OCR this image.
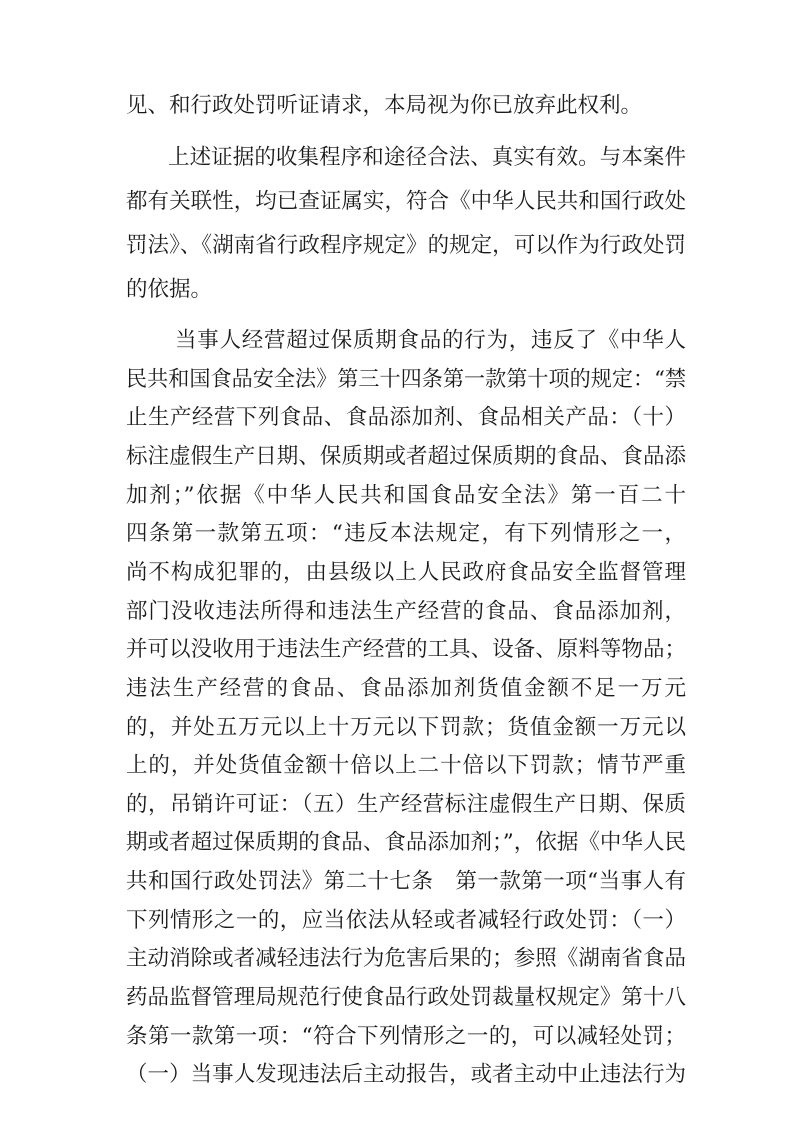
见、和行政处罚听证请求，本局视为你已放弃此权利。
上述证据的收集程序和途径合法、真实有效。与本案件
都有关联性，均已查证属实，符合《中华人民共和国行政处
罚法》、《湖南省行政程序规定》的规定，可以作为行政处罚
的依据。
当事人经营超过保质期食品的行为，违反了《中华人
民共和国食品安全法》第三十四条第一款第十项的规定：“禁
止生产经营下列食品、食品添加剂、食品相关产品：（十）
标注虚假生产日期、保质期或者超过保质期的食品、食品添
加剂；”依据《中华人民共和国食品安全法》第一百二十
四条第一款第五项：“违反本法规定，有下列情形之一，
尚不构成犯罪的，由县级以上人民政府食品安全监督管理
部门没收违法所得和违法生产经营的食品、食品添加剂，
并可以没收用于违法生产经营的工具、设备、原料等物品；
违法生产经营的食品、食品添加剂货值金额不足一万元
的，并处五万元以上十万元以下罚款；货值金额一万元以
上的，并处货值金额十倍以上二十倍以下罚款；情节严重
的，吊销许可证：（五）生产经营标注虚假生产日期、保质
期或者超过保质期的食品、食品添加剂；”，依据《中华人民
共和国行政处罚法》第二十七条　第一款第一项“当事人有
下列情形之一的，应当依法从轻或者减轻行政处罚：（一）
主动消除或者减轻违法行为危害后果的；参照《湖南省食品
药品监督管理局规范行使食品行政处罚裁量权规定》第十八
条第一款第一项：“符合下列情形之一的，可以减轻处罚；
（一）当事人发现违法后主动报告，或者主动中止违法行为
